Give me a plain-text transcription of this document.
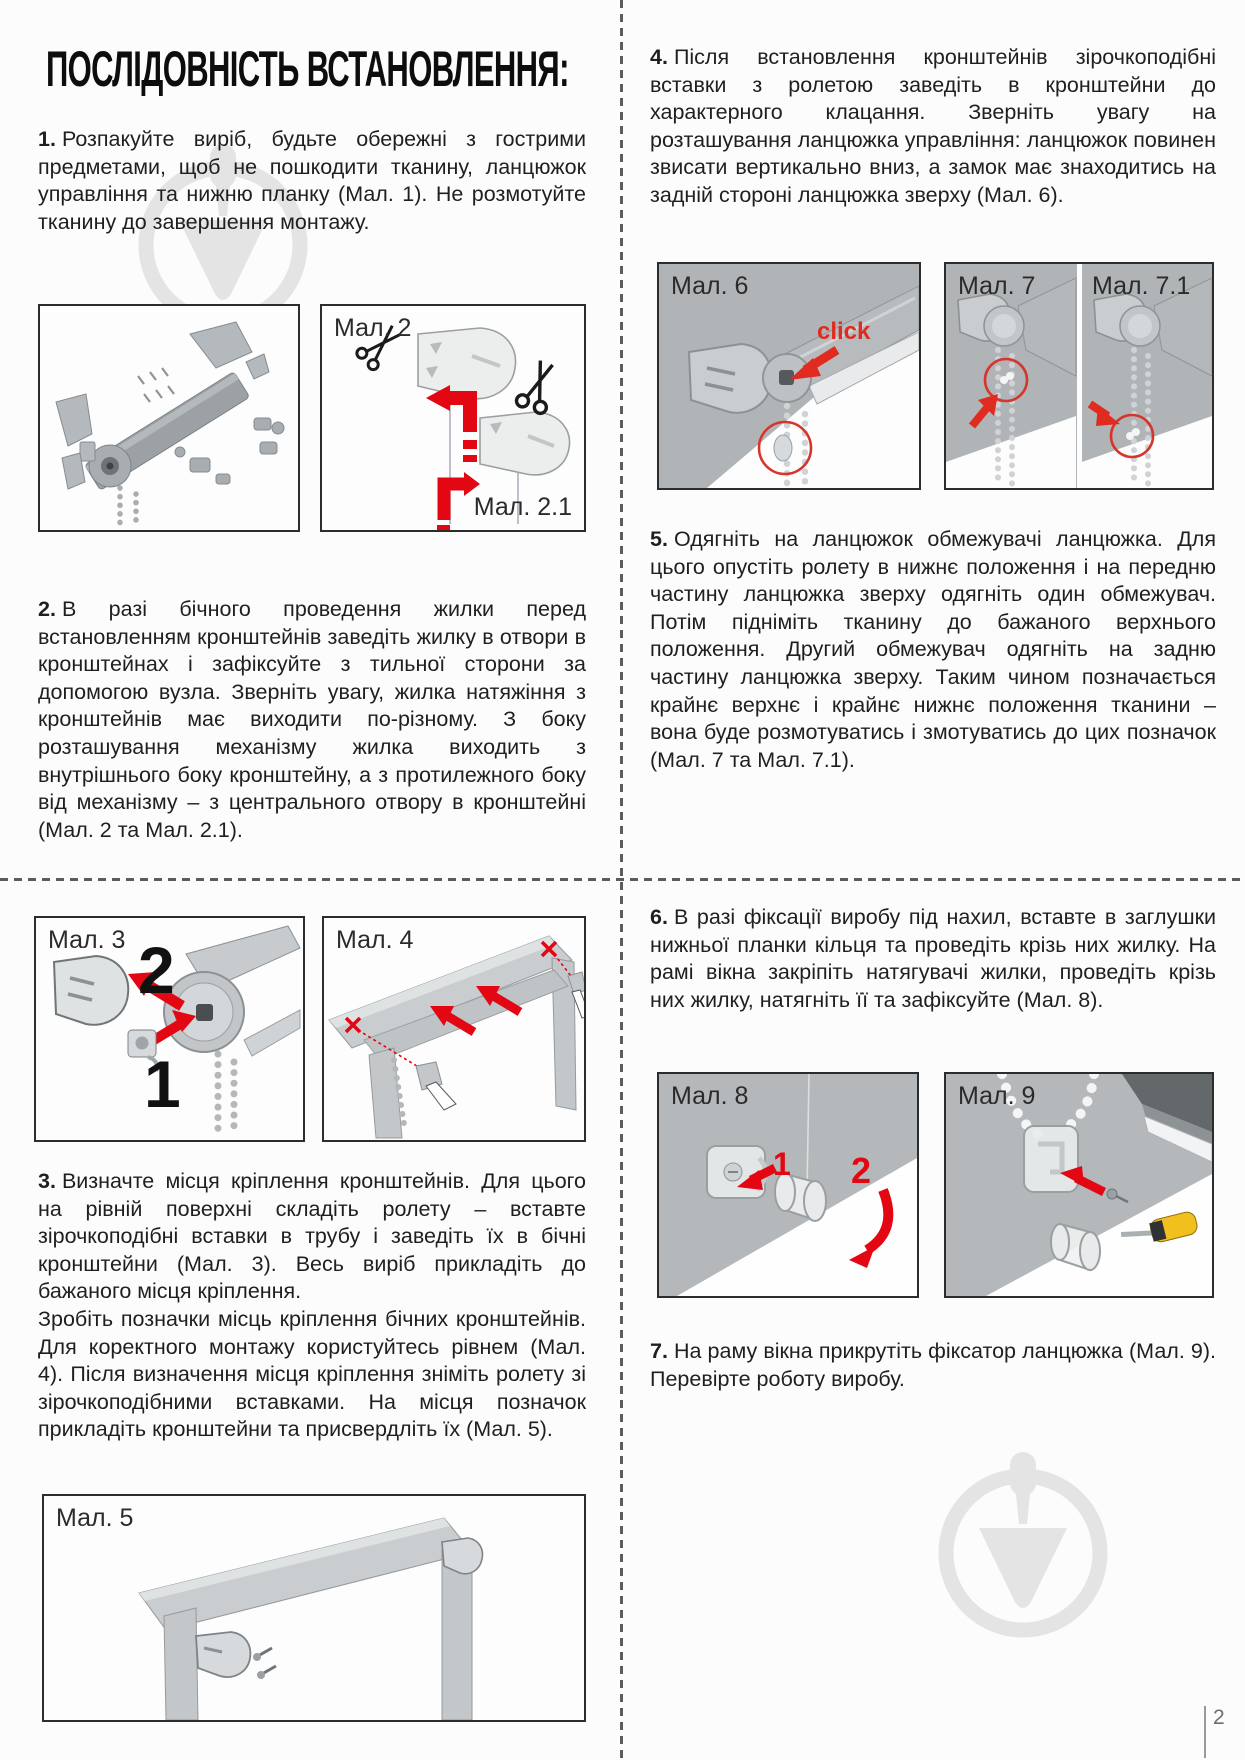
ПОСЛІДОВНІСТЬ ВСТАНОВЛЕННЯ:
1. Розпакуйте виріб, будьте обережні з гострими предметами, щоб не пошкодити тканину, ланцюжок управління та нижню планку (Мал. 1). Не розмотуйте тканину до завершення монтажу.
Мал. 2
Мал. 2.1
2. В разі бічного проведення жилки перед встановленням кронштейнів заведіть жилку в отвори в кронштейнах і зафіксуйте з тильної сторони за допомогою вузла. Зверніть увагу, жилка натяжіння з кронштейнів має виходити по-різному. З боку розташування механізму жилка виходить з внутрішнього боку кронштейну, а з протилежного боку від механізму – з центрального отвору в кронштейні (Мал. 2 та Мал. 2.1).
Мал. 3 2
1
Мал. 4
3. Визначте місця кріплення кронштейнів. Для цього на рівній поверхні складіть ролету – вставте зірочкоподібні вставки в трубу і заведіть їх в бічні кронштейни (Мал. 3). Весь виріб прикладіть до бажаного місця кріплення.
Зробіть позначки місць кріплення бічних кронштейнів. Для коректного монтажу користуйтесь рівнем (Мал. 4). Після визначення місця кріплення зніміть ролету зі зірочкоподібними вставками. На місця позначок прикладіть кронштейни та присвердліть їх (Мал. 5).
Мал. 5
4. Після встановлення кронштейнів зірочкоподібні вставки з ролетою заведіть в кронштейни до характерного клацання. Зверніть увагу на розташування ланцюжка управління: ланцюжок повинен звисати вертикально вниз, а замок має знаходитись на задній стороні ланцюжка зверху (Мал. 6).
Мал. 6
click
Мал. 7 Мал. 7.1
5. Одягніть на ланцюжок обмежувачі ланцюжка. Для цього опустіть ролету в нижнє положення і на передню частину ланцюжка зверху одягніть один обмежувач. Потім підніміть тканину до бажаного верхнього положення. Другий обмежувач одягніть на задню частину ланцюжка зверху. Таким чином позначається крайнє верхнє і крайнє нижнє положення тканини – вона буде розмотуватись і змотуватись до цих позначок (Мал. 7 та Мал. 7.1).
6. В разі фіксації виробу під нахил, вставте в заглушки нижньої планки кільця та проведіть крізь них жилку. На рамі вікна закріпіть натягувачі жилки, проведіть крізь них жилку, натягніть її та зафіксуйте (Мал. 8).
Мал. 8
1 2
Мал. 9
7. На раму вікна прикрутіть фіксатор ланцюжка (Мал. 9). Перевірте роботу виробу.
2
